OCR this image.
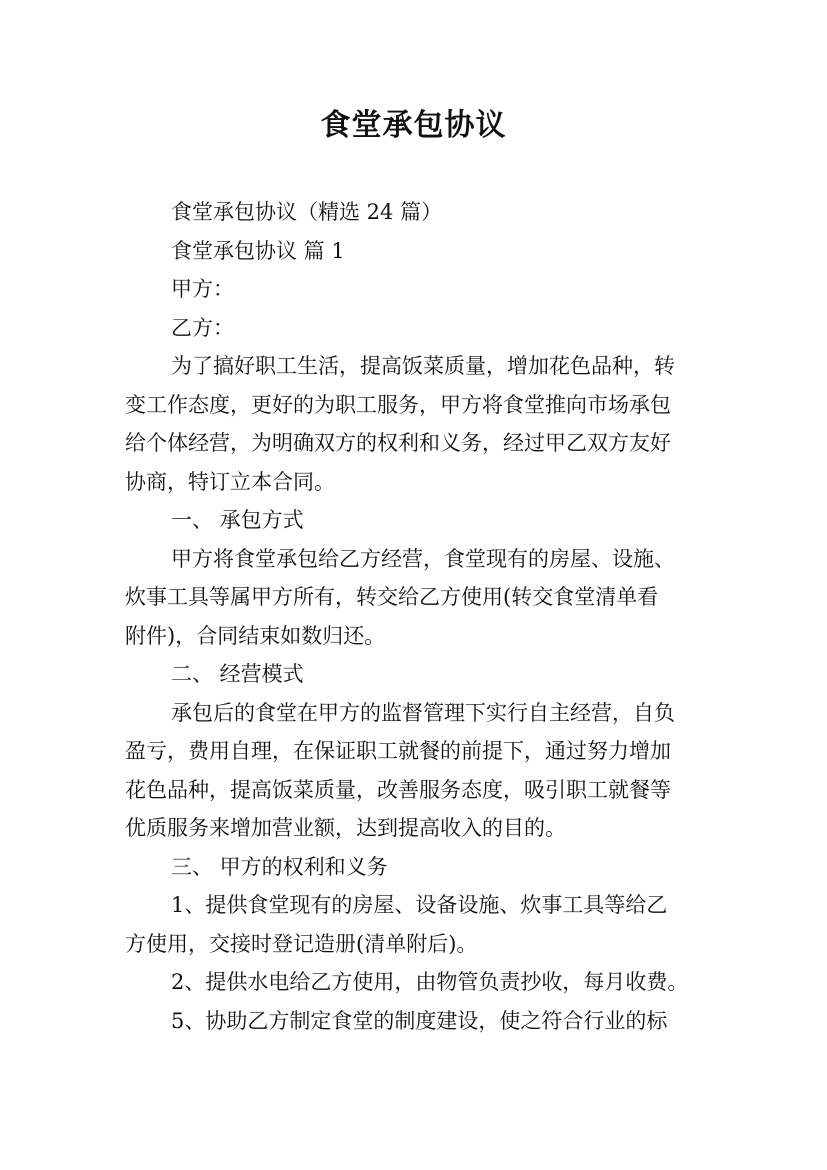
食堂承包协议

食堂承包协议（精选 24 篇）

食堂承包协议 篇 1

甲方：

乙方：

为了搞好职工生活，提高饭菜质量，增加花色品种，转

变工作态度，更好的为职工服务，甲方将食堂推向市场承包

给个体经营，为明确双方的权利和义务，经过甲乙双方友好

协商，特订立本合同。

一、 承包方式

甲方将食堂承包给乙方经营，食堂现有的房屋、设施、

炊事工具等属甲方所有，转交给乙方使用(转交食堂清单看

附件)，合同结束如数归还。

二、 经营模式

承包后的食堂在甲方的监督管理下实行自主经营，自负

盈亏，费用自理，在保证职工就餐的前提下，通过努力增加

花色品种，提高饭菜质量，改善服务态度，吸引职工就餐等

优质服务来增加营业额，达到提高收入的目的。

三、 甲方的权利和义务

1、提供食堂现有的房屋、设备设施、炊事工具等给乙

方使用，交接时登记造册(清单附后)。

2、提供水电给乙方使用，由物管负责抄收，每月收费。

5、协助乙方制定食堂的制度建设，使之符合行业的标
